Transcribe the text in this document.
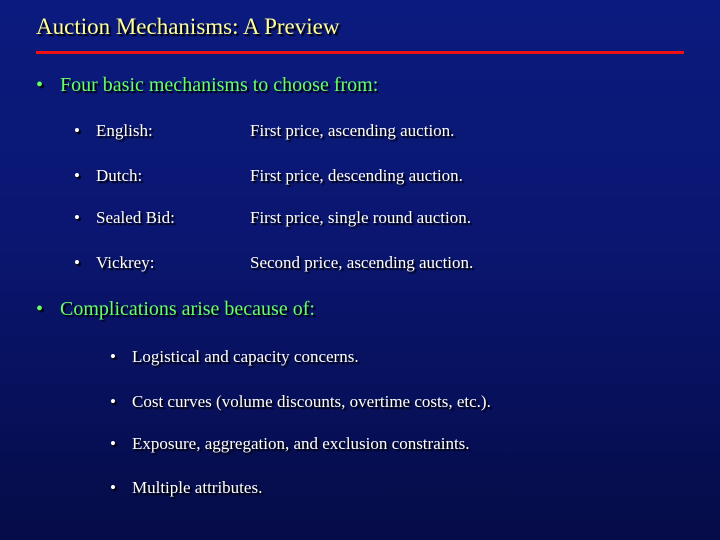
Auction Mechanisms: A Preview
• Four basic mechanisms to choose from:
• English:	First price, ascending auction.
• Dutch:	First price, descending auction.
• Sealed Bid:	First price, single round auction.
• Vickrey:	Second price, ascending auction.
• Complications arise because of:
• Logistical and capacity concerns.
• Cost curves (volume discounts, overtime costs, etc.).
• Exposure, aggregation, and exclusion constraints.
• Multiple attributes.
